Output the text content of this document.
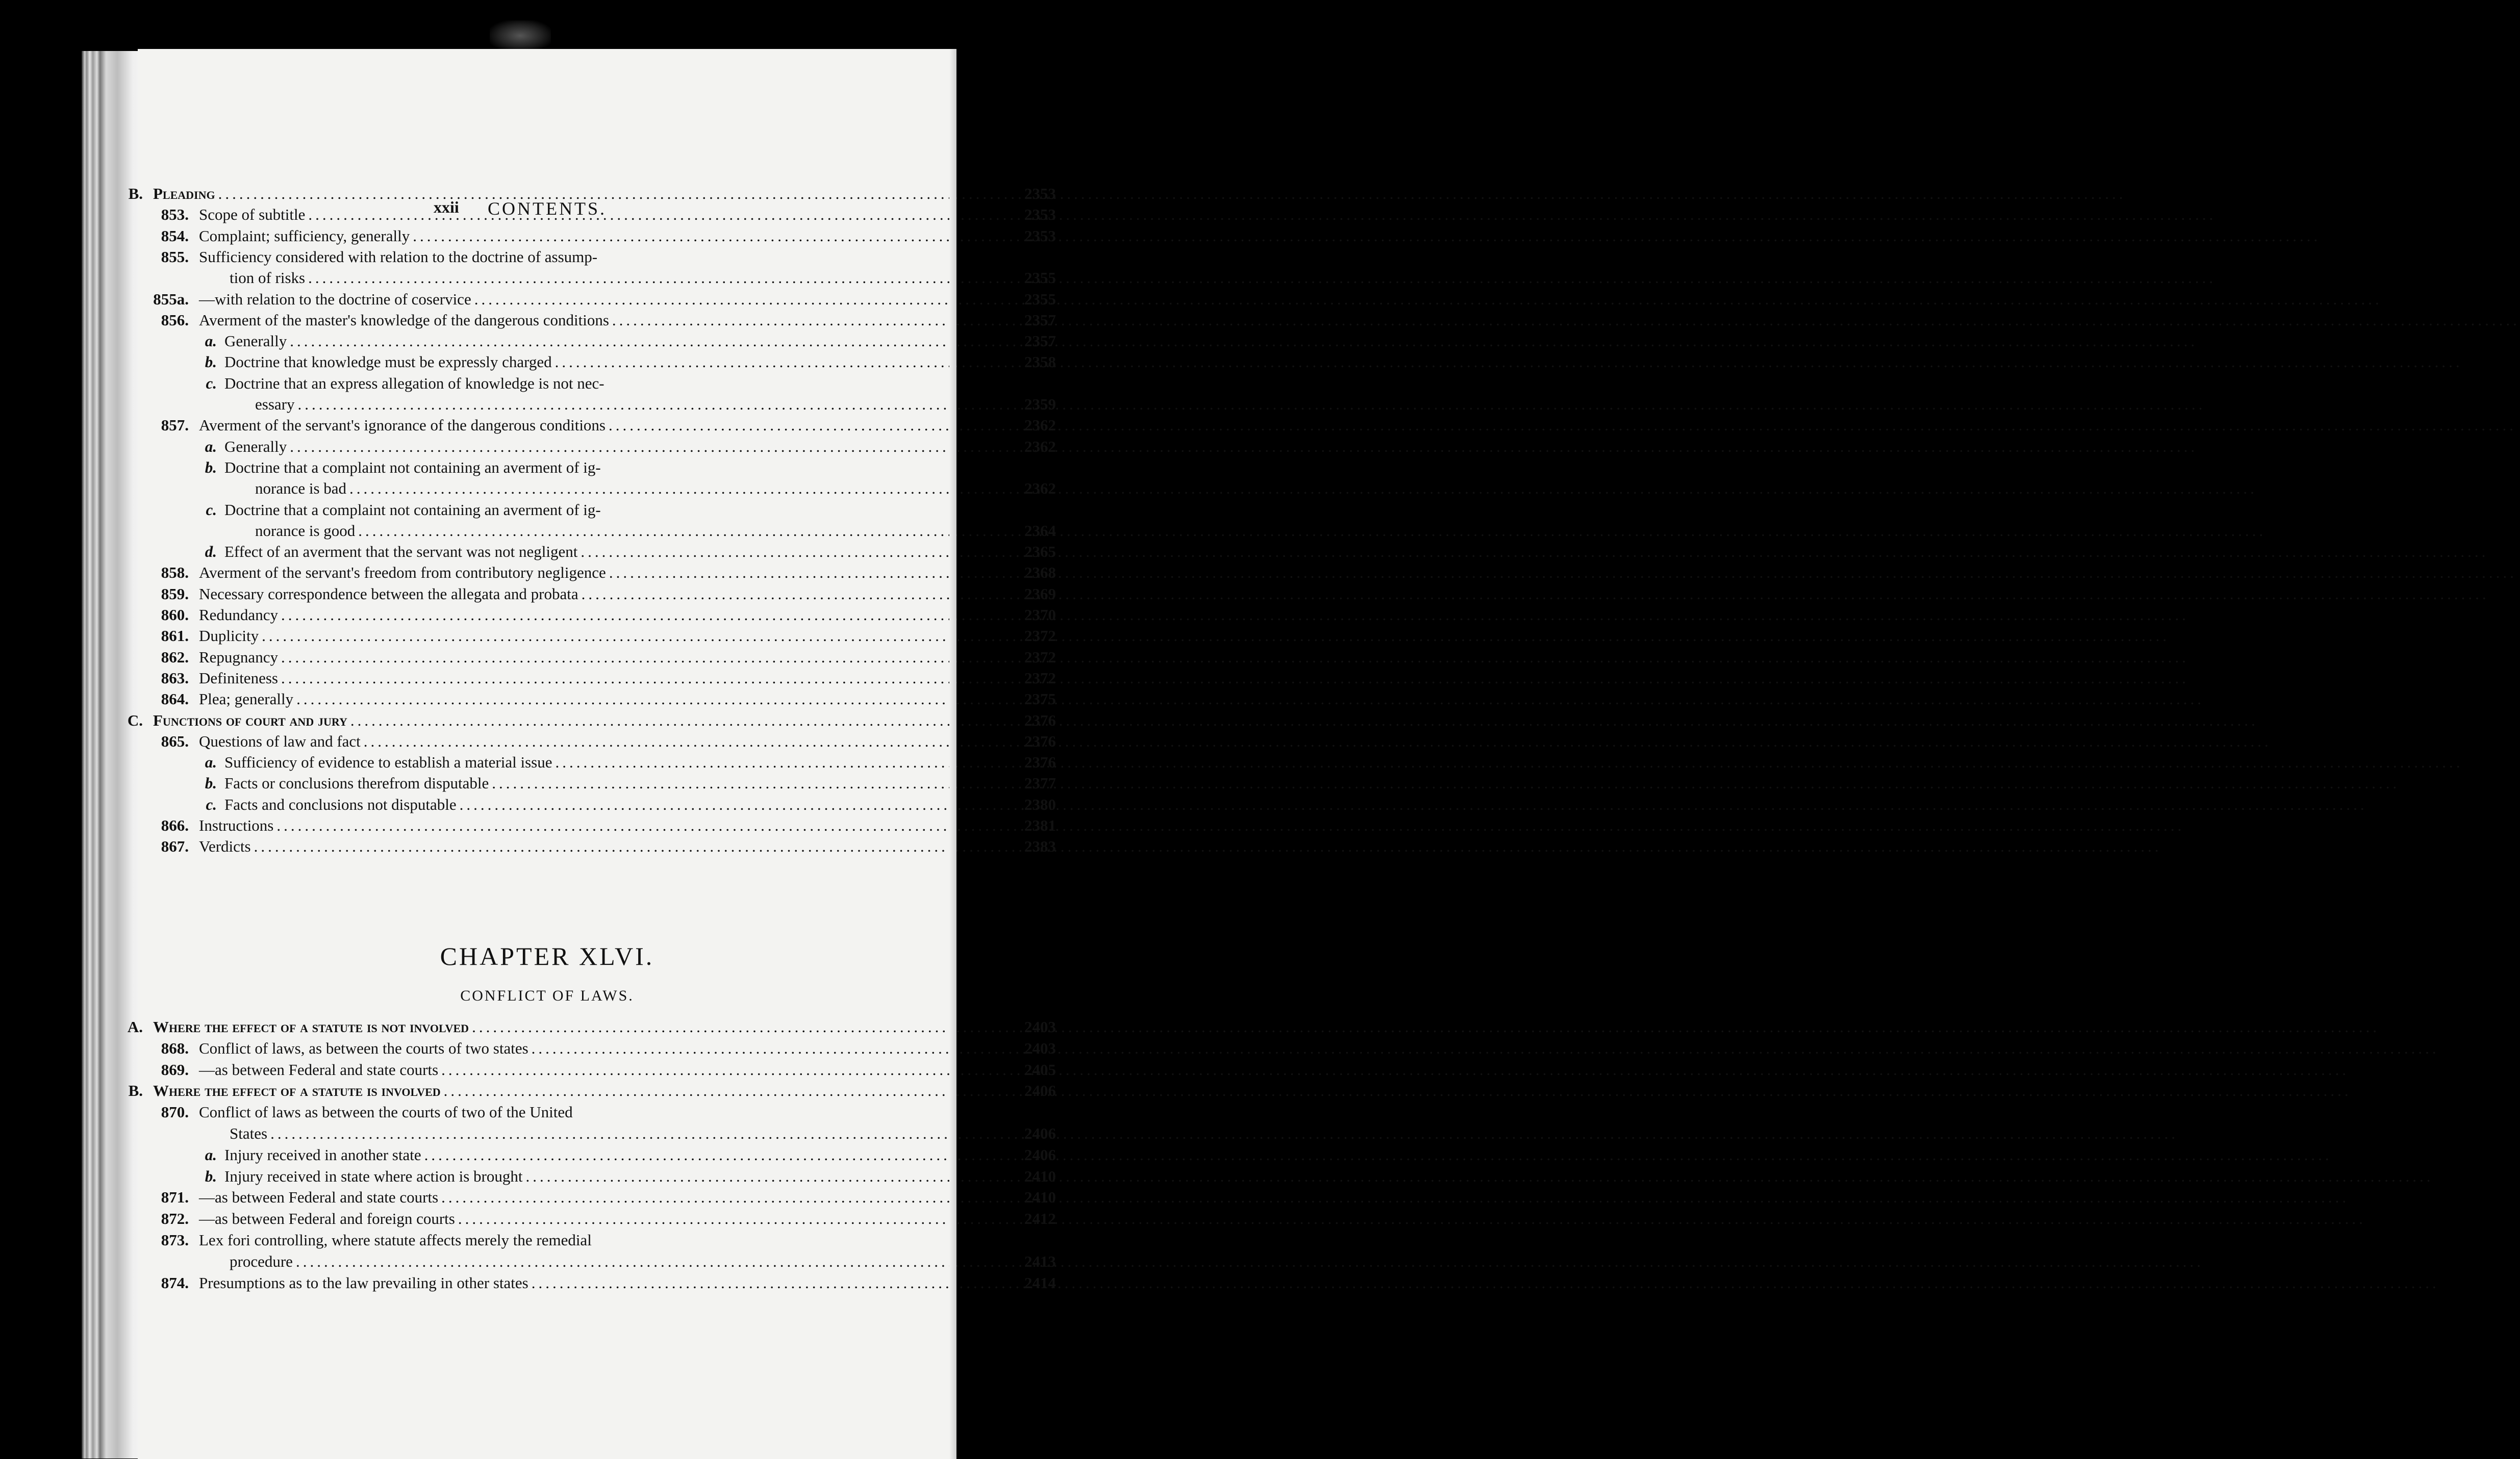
xxii	CONTENTS.
B. Pleading .....	2353
853. Scope of subtitle .....	2353
854. Complaint; sufficiency, generally .....	2353
855. Sufficiency considered with relation to the doctrine of assump-
tion of risks .....	2355
855a. —with relation to the doctrine of coservice .....	2355
856. Averment of the master's knowledge of the dangerous conditions .....	2357
a. Generally .....	2357
b. Doctrine that knowledge must be expressly charged .....	2358
c. Doctrine that an express allegation of knowledge is not nec-
essary .....	2359
857. Averment of the servant's ignorance of the dangerous conditions .....	2362
a. Generally .....	2362
b. Doctrine that a complaint not containing an averment of ig-
norance is bad .....	2362
c. Doctrine that a complaint not containing an averment of ig-
norance is good .....	2364
d. Effect of an averment that the servant was not negligent .....	2365
858. Averment of the servant's freedom from contributory negligence .....	2368
859. Necessary correspondence between the allegata and probata .....	2369
860. Redundancy .....	2370
861. Duplicity .....	2372
862. Repugnancy .....	2372
863. Definiteness .....	2372
864. Plea; generally .....	2375
C. Functions of court and jury .....	2376
865. Questions of law and fact .....	2376
a. Sufficiency of evidence to establish a material issue .....	2376
b. Facts or conclusions therefrom disputable .....	2377
c. Facts and conclusions not disputable .....	2380
866. Instructions .....	2381
867. Verdicts .....	2383
CHAPTER XLVI.
CONFLICT OF LAWS.
A. Where the effect of a statute is not involved .....	2403
868. Conflict of laws, as between the courts of two states .....	2403
869. —as between Federal and state courts .....	2405
B. Where the effect of a statute is involved .....	2406
870. Conflict of laws as between the courts of two of the United
States .....	2406
a. Injury received in another state .....	2406
b. Injury received in state where action is brought .....	2410
871. —as between Federal and state courts .....	2410
872. —as between Federal and foreign courts .....	2412
873. Lex fori controlling, where statute affects merely the remedial
procedure .....	2413
874. Presumptions as to the law prevailing in other states .....	2414
